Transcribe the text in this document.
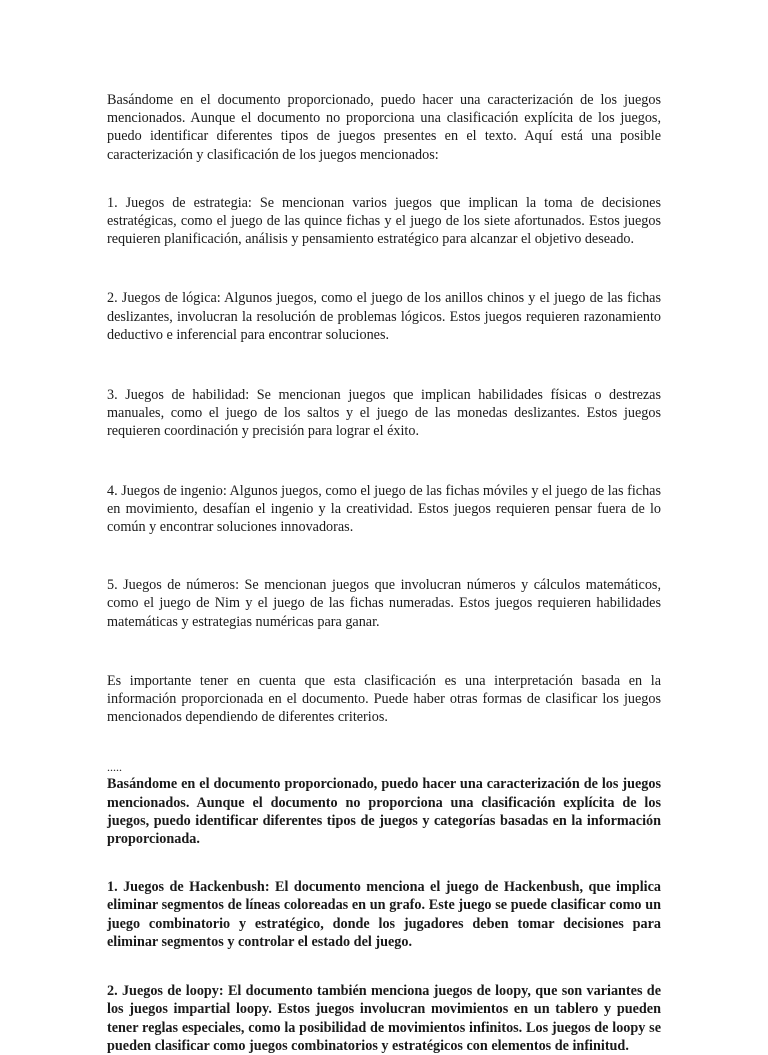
Basándome en el documento proporcionado, puedo hacer una caracterización de los juegos mencionados. Aunque el documento no proporciona una clasificación explícita de los juegos, puedo identificar diferentes tipos de juegos presentes en el texto. Aquí está una posible caracterización y clasificación de los juegos mencionados:

1. Juegos de estrategia: Se mencionan varios juegos que implican la toma de decisiones estratégicas, como el juego de las quince fichas y el juego de los siete afortunados. Estos juegos requieren planificación, análisis y pensamiento estratégico para alcanzar el objetivo deseado.

2. Juegos de lógica: Algunos juegos, como el juego de los anillos chinos y el juego de las fichas deslizantes, involucran la resolución de problemas lógicos. Estos juegos requieren razonamiento deductivo e inferencial para encontrar soluciones.

3. Juegos de habilidad: Se mencionan juegos que implican habilidades físicas o destrezas manuales, como el juego de los saltos y el juego de las monedas deslizantes. Estos juegos requieren coordinación y precisión para lograr el éxito.

4. Juegos de ingenio: Algunos juegos, como el juego de las fichas móviles y el juego de las fichas en movimiento, desafían el ingenio y la creatividad. Estos juegos requieren pensar fuera de lo común y encontrar soluciones innovadoras.

5. Juegos de números: Se mencionan juegos que involucran números y cálculos matemáticos, como el juego de Nim y el juego de las fichas numeradas. Estos juegos requieren habilidades matemáticas y estrategias numéricas para ganar.

Es importante tener en cuenta que esta clasificación es una interpretación basada en la información proporcionada en el documento. Puede haber otras formas de clasificar los juegos mencionados dependiendo de diferentes criterios.

.....

Basándome en el documento proporcionado, puedo hacer una caracterización de los juegos mencionados. Aunque el documento no proporciona una clasificación explícita de los juegos, puedo identificar diferentes tipos de juegos y categorías basadas en la información proporcionada.

1. Juegos de Hackenbush: El documento menciona el juego de Hackenbush, que implica eliminar segmentos de líneas coloreadas en un grafo. Este juego se puede clasificar como un juego combinatorio y estratégico, donde los jugadores deben tomar decisiones para eliminar segmentos y controlar el estado del juego.

2. Juegos de loopy: El documento también menciona juegos de loopy, que son variantes de los juegos impartial loopy. Estos juegos involucran movimientos en un tablero y pueden tener reglas especiales, como la posibilidad de movimientos infinitos. Los juegos de loopy se pueden clasificar como juegos combinatorios y estratégicos con elementos de infinitud.
